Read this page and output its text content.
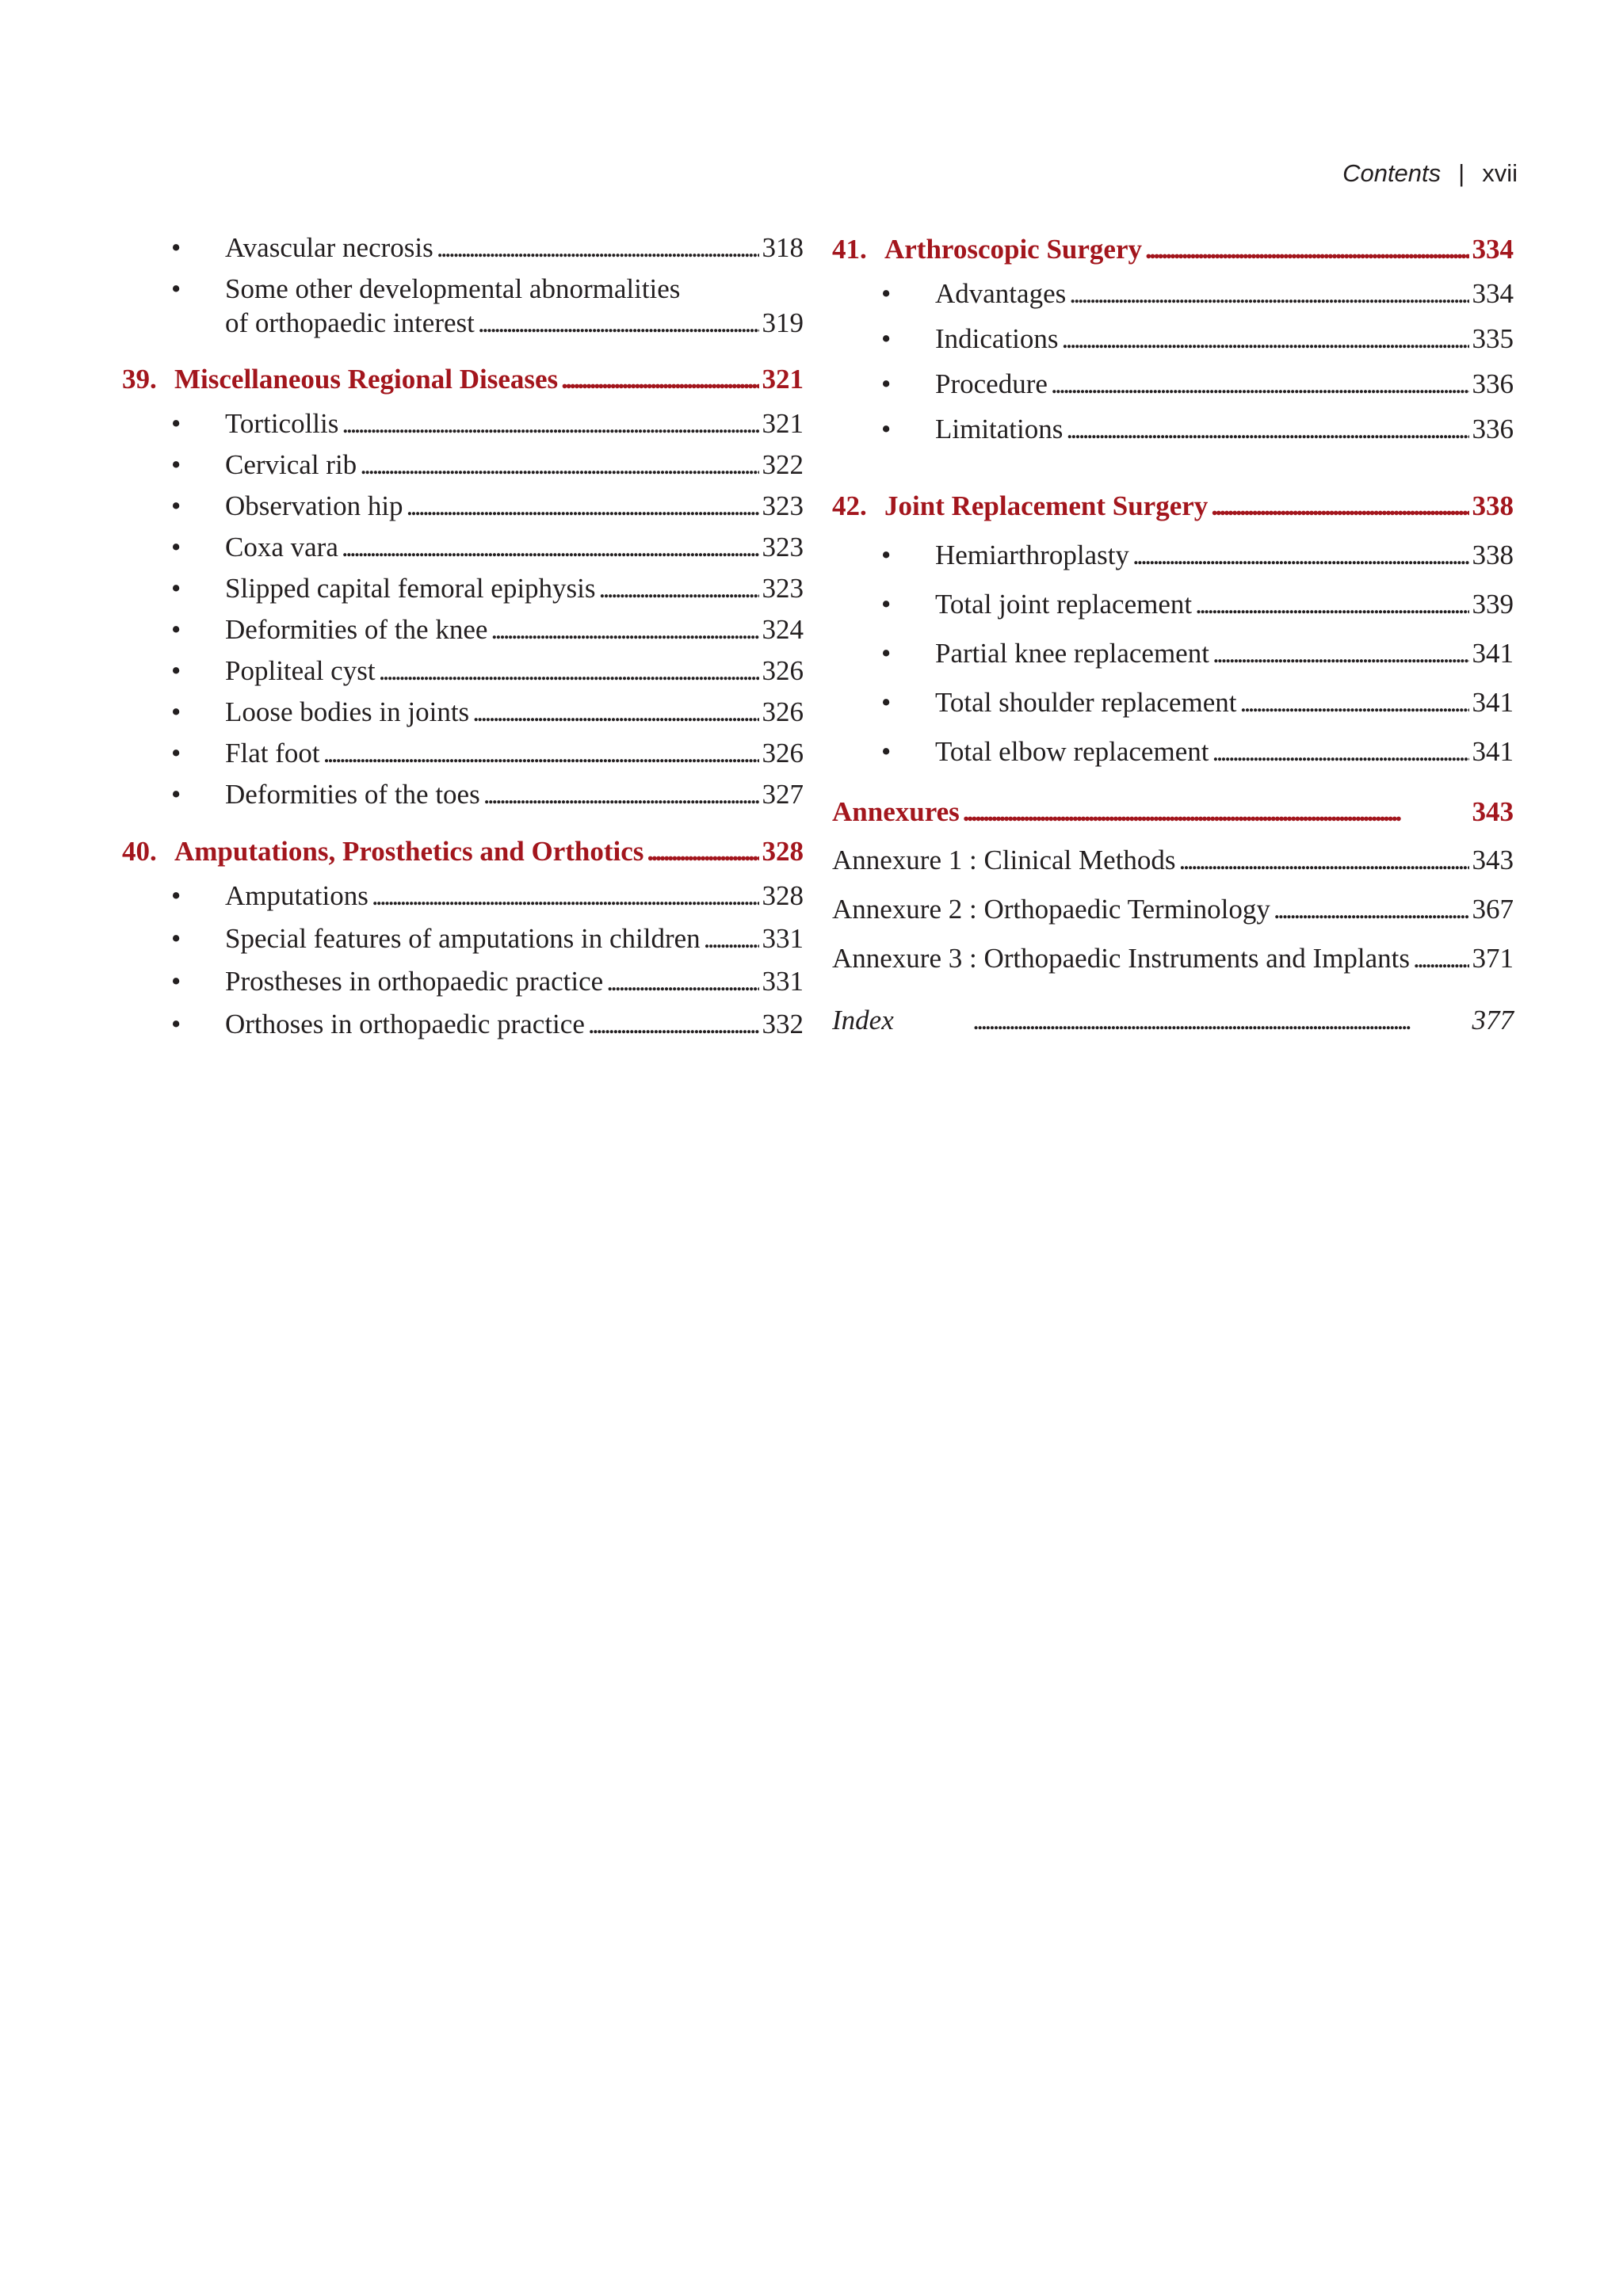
Contents | xvii
•	Avascular necrosis . . .	318
•	Some other developmental abnormalities
of orthopaedic interest . . .	319
39. Miscellaneous Regional Diseases . . .	321
•	Torticollis . . .	321
•	Cervical rib . . .	322
•	Observation hip . . .	323
•	Coxa vara . . .	323
•	Slipped capital femoral epiphysis . . .	323
•	Deformities of the knee . . .	324
•	Popliteal cyst . . .	326
•	Loose bodies in joints . . .	326
•	Flat foot . . .	326
•	Deformities of the toes . . .	327
40. Amputations, Prosthetics and Orthotics . . .	328
•	Amputations . . .	328
•	Special features of amputations in children . . . 331
•	Prostheses in orthopaedic practice . . .	331
•	Orthoses in orthopaedic practice . . .	332
41. Arthroscopic Surgery . . .	334
•	Advantages . . .	334
•	Indications . . .	335
•	Procedure . . .	336
•	Limitations . . .	336
42. Joint Replacement Surgery . . .	338
•	Hemiarthroplasty . . .	338
•	Total joint replacement . . .	339
•	Partial knee replacement . . .	341
•	Total shoulder replacement . . .	341
•	Total elbow replacement . . .	341
Annexures . . .	343
Annexure 1 : Clinical Methods . . .	343
Annexure 2 : Orthopaedic Terminology . . .	367
Annexure 3 : Orthopaedic Instruments and Implants . . . 371
Index . . .	377
